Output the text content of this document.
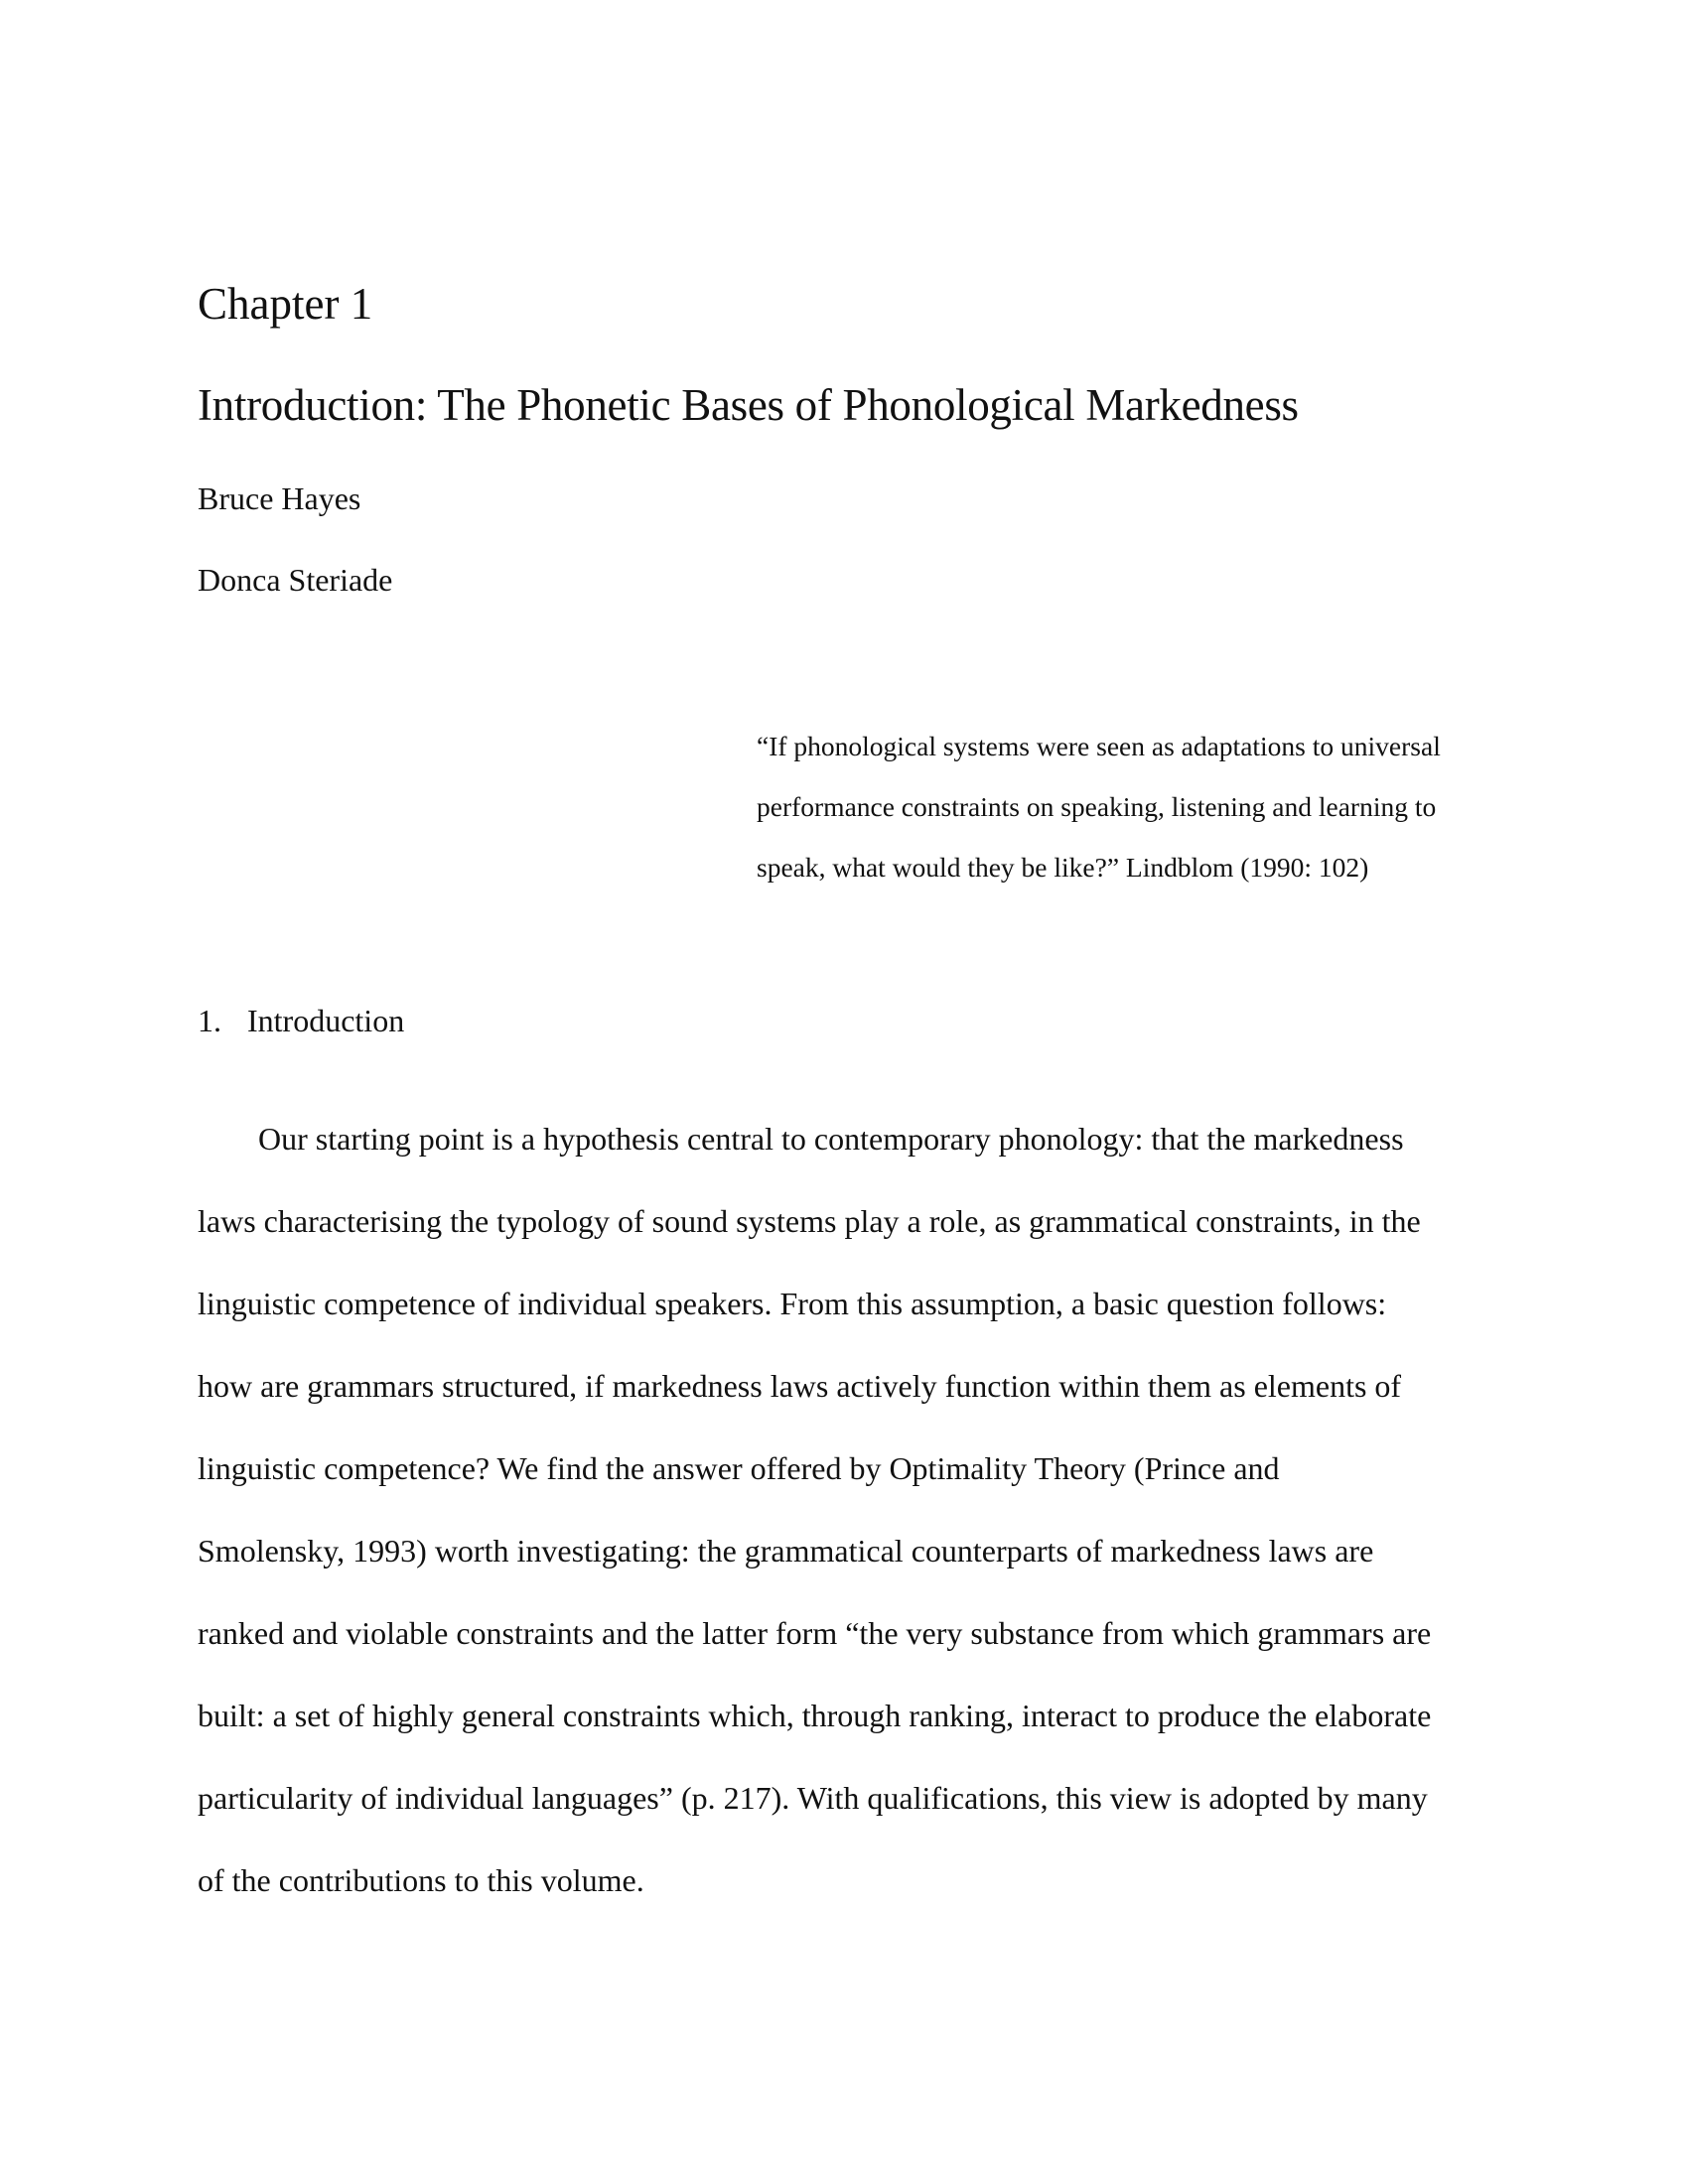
Chapter 1
Introduction: The Phonetic Bases of Phonological Markedness
Bruce Hayes
Donca Steriade
“If phonological systems were seen as adaptations to universal
performance constraints on speaking, listening and learning to
speak, what would they be like?” Lindblom (1990: 102)
1. Introduction
Our starting point is a hypothesis central to contemporary phonology: that the markedness
laws characterising the typology of sound systems play a role, as grammatical constraints, in the
linguistic competence of individual speakers. From this assumption, a basic question follows:
how are grammars structured, if markedness laws actively function within them as elements of
linguistic competence? We find the answer offered by Optimality Theory (Prince and
Smolensky, 1993) worth investigating: the grammatical counterparts of markedness laws are
ranked and violable constraints and the latter form “the very substance from which grammars are
built: a set of highly general constraints which, through ranking, interact to produce the elaborate
particularity of individual languages” (p. 217). With qualifications, this view is adopted by many
of the contributions to this volume.
